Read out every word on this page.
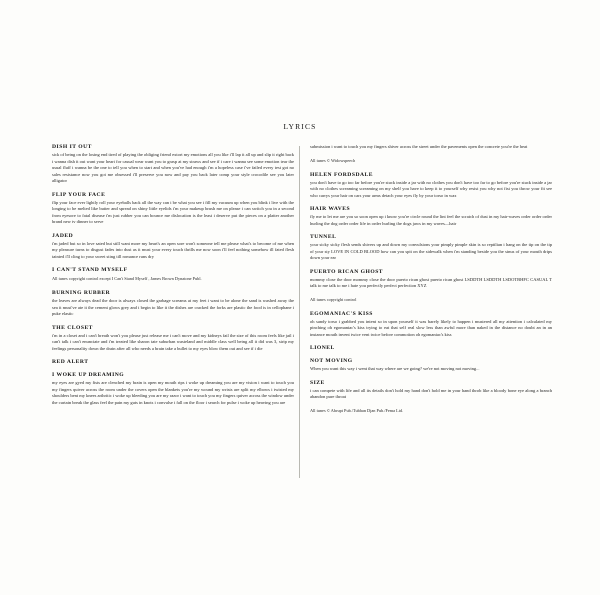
LYRICS
DISH IT OUT
sick of being on the losing end tired of playing the obliging friend extort my emotions all you like i'll lap it all up and slip it right back i wanna dish it out want your heart for casual wear want you to grasp at my straws and see if i care i wanna see some emotion tear the usual fluff i wanna be the one to tell you when to start and when you've had enough i'm a hopeless case i've failed every test got no sales resistance now you got me obsessed i'll preserve you now and pay you back later comp your style crocodile see you later alligator
FLIP YOUR FACE
flip your face ever lightly roll your eyeballs back all the way can i be what you see i fill my vacuum up when you blink i live with the longing to be melted like butter and spread on shiny little eyelids i'm your makeup brush me on please i can switch you in a second from eyesore to fatal disease i'm just rubber you can bounce me dislocation is the least i deserve put the pieces on a platter another brand new tv dinner to serve
JADED
i'm jaded but so in love sated but still want more my heart's an open sore won't someone tell me please what's to become of me when my pleasure turns to disgust fades into dust as it must your every touch thrills me now soon i'll feel nothing somehow ill fated flesh tainted i'll cling to your sweet sting till romance runs dry
I CAN'T STAND MYSELF
All tunes copyright control except I Can't Stand Myself , James Brown Dynatone Publ.
BURNING RUBBER
the leaves are always dead the door is always closed the garbage screams at my feet i want to be alone the sand is washed away the sea it must've ate it the cement glows grey and i begin to like it the dishes are cracked the forks are plastic the food is in cellophane i puke elastic
THE CLOSET
i'm in a closet and i can't breath won't you please just release me i can't move and my kidneys fail the size of this room feels like jail i can't talk i can't enunciate and i'm treated like sharon tate suburban wasteland and middle class well being all it did was 3, strip my feelings personality down the drain after all who needs a brain take a bullet to my eyes blow them out and see if i die
RED ALERT
I WOKE UP DREAMING
my eyes are gyed my fists are clenched my brain is open my mouth rips i woke up dreaming you are my vision i want to touch you my fingers quiver across the room under the covers open the blankets you're my wound my wrists are split my elbows i twisted my shoulders bent my knees arthritic i woke up bleeding you are my razor i want to touch you my fingers quiver across the window under the curtain break the glass feel the pain my guts in knots i convulse i fall on the floor i search for pulse i woke up heaving you are
submission i want to touch you my fingers shiver across the street under the pavements open the concrete you're the heat
All tunes © Widowspeech
HELEN FORDSDALE
you don't have to go too far before you're stuck inside a jar with no clothes you don't have too far to go before you're stuck inside a jar with no clothes screaming screaming on my shelf you have to keep it to yourself why resist you why not fist you throw your fit see who carrys your hair on cars your arms detach your eyes fly by your torso in wax
HAIR WAVES
fly me to let me are you so soon open up i know you're circle round the lint feel the scratch of dust in my hair-waves order order order hurling the dog order order life in order hurling the dogs jaws in my waves—hair
TUNNEL
your sicky sicky flesh sends shivers up and down my convulsions your pimply pimple skin is so reptilian i hang on the tip on the tip of your sty LOVE IN COLD BLOOD how can you spit on the sidewalk when i'm standing beside you the sinus of your mouth drips down your ear
PUERTO RICAN GHOST
mommy close the door mommy close the door puerto rican ghost puerto rican ghost LSDDTH LSDDTH LSDOTBHFC CASUAL T talk to me talk to me i hate you perfectly perfect perfection XYZ
All tunes copyright control
EGOMANIAC'S KISS
oh sandy torso i grabbed you intent so in upon yourself it was barely likely to happen i mustered all my attention i calculated my pinching oh egomaniac's kiss trying to eat that self real slow less than awful more than naked in the distance no doubt an in an instance mouth invent twice vent twice before commotion oh egomaniac's kiss
LIONEL
NOT MOVING
When you want this way i went that way where are we going? we're not moving not moving...
SIZE
i can compete with life and all its details don't hold my hand don't hold me in your hand throb like a bloody bone eye along a branch abandon pure throat
All tunes © Abrupt Pub./Tubhan Djan Pub./Fema Ltd.
